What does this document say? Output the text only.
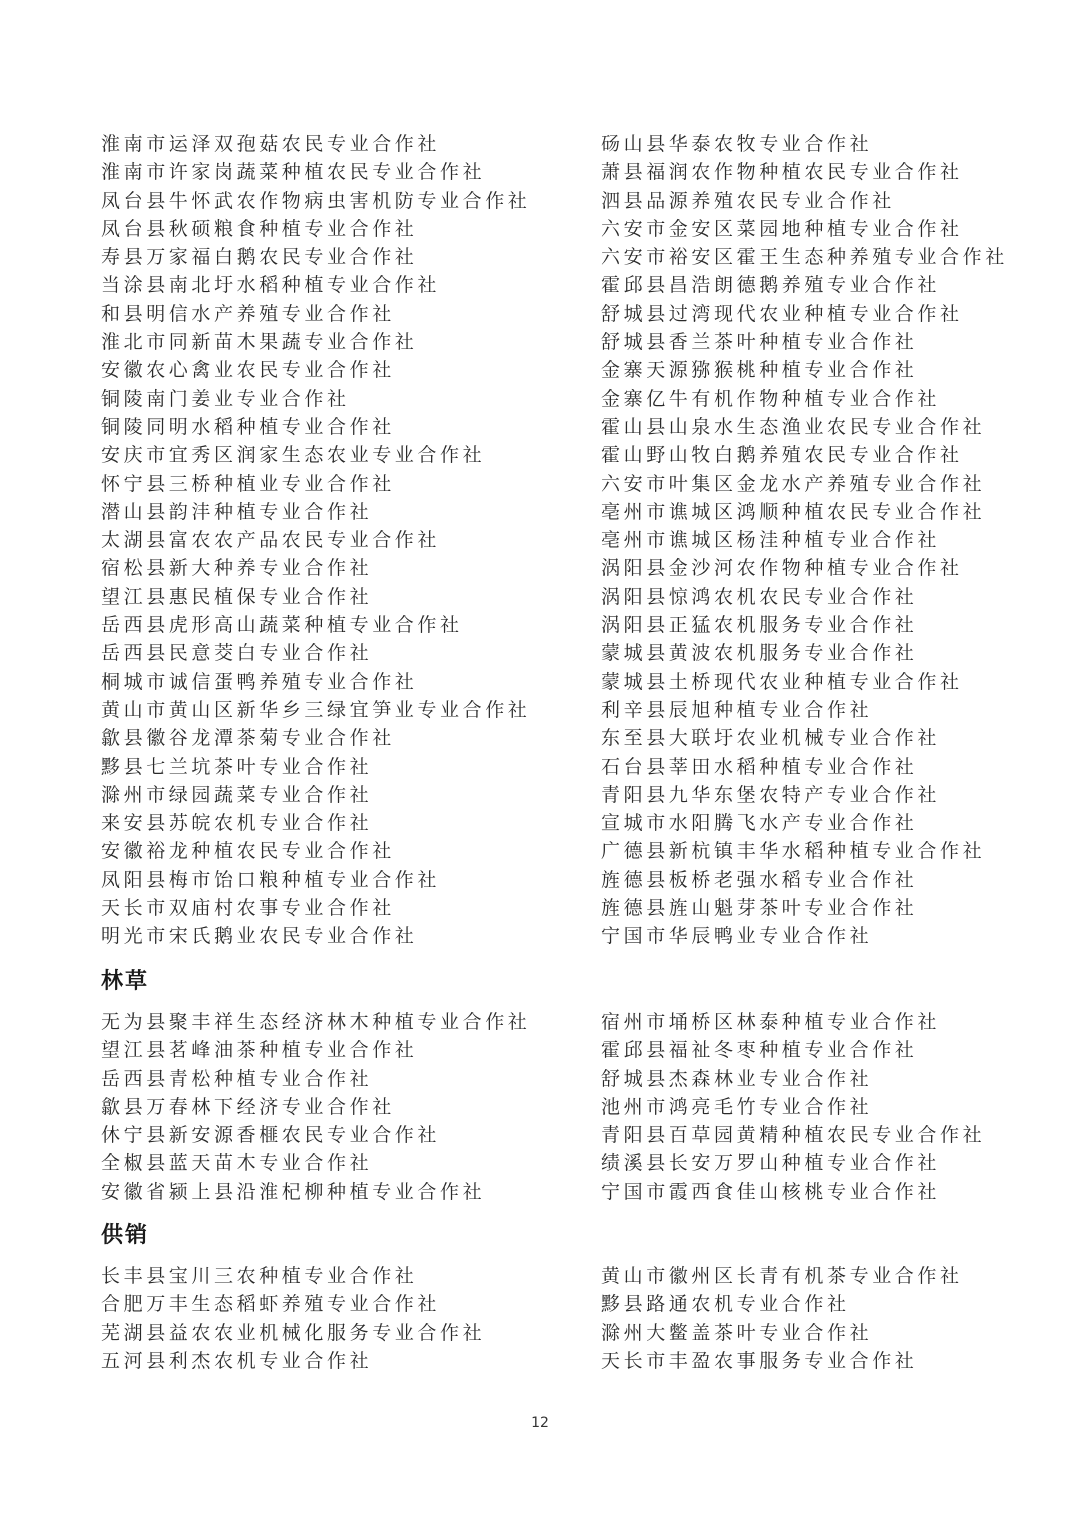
淮南市运泽双孢菇农民专业合作社
淮南市许家岗蔬菜种植农民专业合作社
凤台县牛怀武农作物病虫害机防专业合作社
凤台县秋硕粮食种植专业合作社
寿县万家福白鹅农民专业合作社
当涂县南北圩水稻种植专业合作社
和县明信水产养殖专业合作社
淮北市同新苗木果蔬专业合作社
安徽农心禽业农民专业合作社
铜陵南门姜业专业合作社
铜陵同明水稻种植专业合作社
安庆市宜秀区润家生态农业专业合作社
怀宁县三桥种植业专业合作社
潜山县韵沣种植专业合作社
太湖县富农农产品农民专业合作社
宿松县新大种养专业合作社
望江县惠民植保专业合作社
岳西县虎形高山蔬菜种植专业合作社
岳西县民意茭白专业合作社
桐城市诚信蛋鸭养殖专业合作社
黄山市黄山区新华乡三绿宜笋业专业合作社
歙县徽谷龙潭茶菊专业合作社
黟县七兰坑茶叶专业合作社
滁州市绿园蔬菜专业合作社
来安县苏皖农机专业合作社
安徽裕龙种植农民专业合作社
凤阳县梅市饴口粮种植专业合作社
天长市双庙村农事专业合作社
明光市宋氏鹅业农民专业合作社
砀山县华泰农牧专业合作社
萧县福润农作物种植农民专业合作社
泗县品源养殖农民专业合作社
六安市金安区菜园地种植专业合作社
六安市裕安区霍王生态种养殖专业合作社
霍邱县昌浩朗德鹅养殖专业合作社
舒城县过湾现代农业种植专业合作社
舒城县香兰茶叶种植专业合作社
金寨天源猕猴桃种植专业合作社
金寨亿牛有机作物种植专业合作社
霍山县山泉水生态渔业农民专业合作社
霍山野山牧白鹅养殖农民专业合作社
六安市叶集区金龙水产养殖专业合作社
亳州市谯城区鸿顺种植农民专业合作社
亳州市谯城区杨洼种植专业合作社
涡阳县金沙河农作物种植专业合作社
涡阳县惊鸿农机农民专业合作社
涡阳县正猛农机服务专业合作社
蒙城县黄波农机服务专业合作社
蒙城县土桥现代农业种植专业合作社
利辛县辰旭种植专业合作社
东至县大联圩农业机械专业合作社
石台县莘田水稻种植专业合作社
青阳县九华东堡农特产专业合作社
宣城市水阳腾飞水产专业合作社
广德县新杭镇丰华水稻种植专业合作社
旌德县板桥老强水稻专业合作社
旌德县旌山魁芽茶叶专业合作社
宁国市华辰鸭业专业合作社
林草
无为县聚丰祥生态经济林木种植专业合作社
望江县茗峰油茶种植专业合作社
岳西县青松种植专业合作社
歙县万春林下经济专业合作社
休宁县新安源香榧农民专业合作社
全椒县蓝天苗木专业合作社
安徽省颍上县沿淮杞柳种植专业合作社
宿州市埇桥区林泰种植专业合作社
霍邱县福祉冬枣种植专业合作社
舒城县杰森林业专业合作社
池州市鸿亮毛竹专业合作社
青阳县百草园黄精种植农民专业合作社
绩溪县长安万罗山种植专业合作社
宁国市霞西食佳山核桃专业合作社
供销
长丰县宝川三农种植专业合作社
合肥万丰生态稻虾养殖专业合作社
芜湖县益农农业机械化服务专业合作社
五河县利杰农机专业合作社
黄山市徽州区长青有机茶专业合作社
黟县路通农机专业合作社
滁州大鳖盖茶叶专业合作社
天长市丰盈农事服务专业合作社
12
